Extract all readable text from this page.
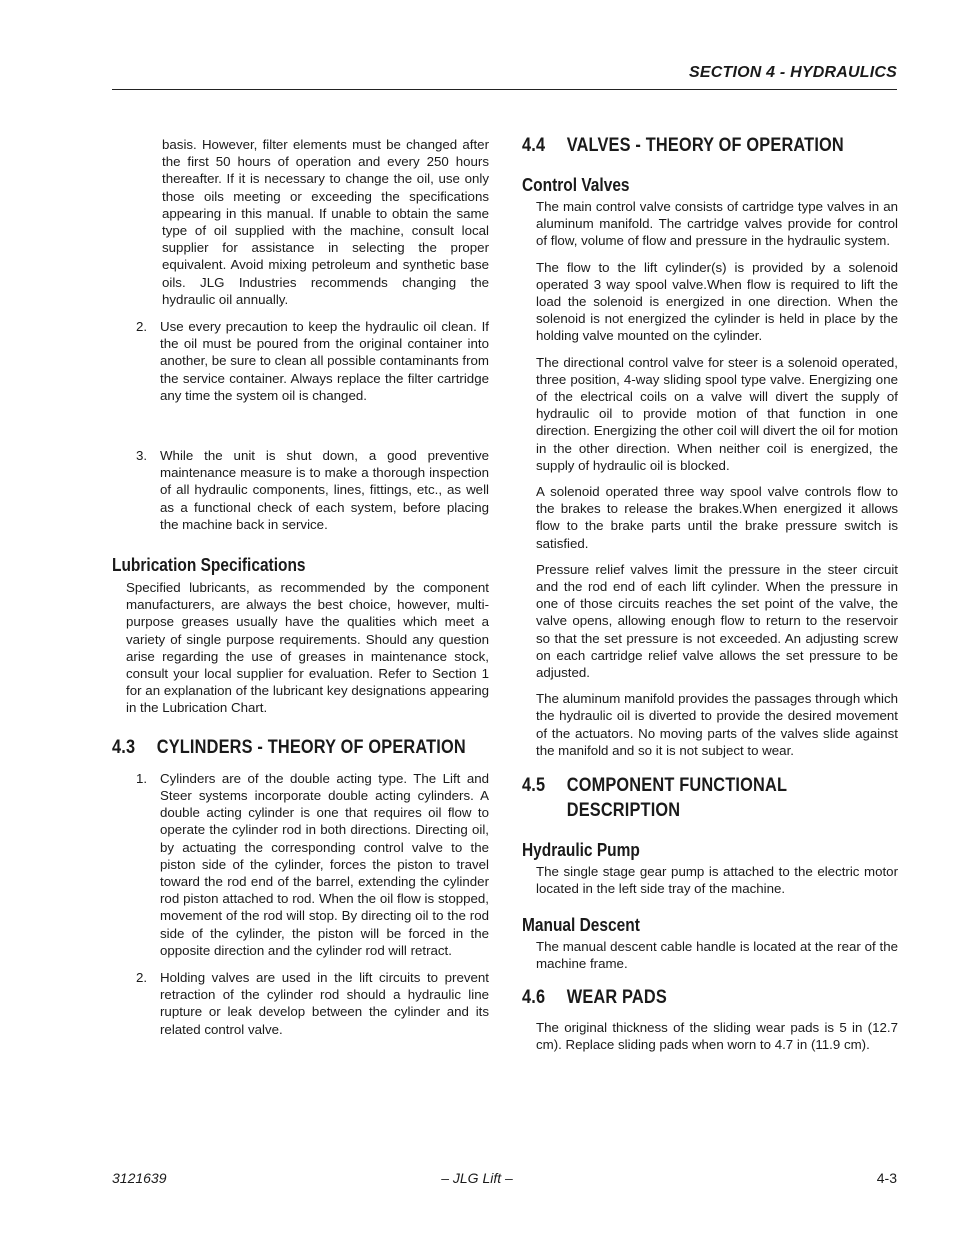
SECTION 4 - HYDRAULICS

basis. However, filter elements must be changed after the first 50 hours of operation and every 250 hours thereafter. If it is necessary to change the oil, use only those oils meeting or exceeding the specifications appearing in this manual. If unable to obtain the same type of oil supplied with the machine, consult local supplier for assistance in selecting the proper equivalent. Avoid mixing petroleum and synthetic base oils. JLG Industries recommends changing the hydraulic oil annually.

2. Use every precaution to keep the hydraulic oil clean. If the oil must be poured from the original container into another, be sure to clean all possible contaminants from the service container. Always replace the filter cartridge any time the system oil is changed.
3. While the unit is shut down, a good preventive maintenance measure is to make a thorough inspection of all hydraulic components, lines, fittings, etc., as well as a functional check of each system, before placing the machine back in service.
Lubrication Specifications

Specified lubricants, as recommended by the component manufacturers, are always the best choice, however, multi-purpose greases usually have the qualities which meet a variety of single purpose requirements. Should any question arise regarding the use of greases in maintenance stock, consult your local supplier for evaluation. Refer to Section 1 for an explanation of the lubricant key designations appearing in the Lubrication Chart.

4.3 CYLINDERS - THEORY OF OPERATION
1. Cylinders are of the double acting type. The Lift and Steer systems incorporate double acting cylinders. A double acting cylinder is one that requires oil flow to operate the cylinder rod in both directions. Directing oil, by actuating the corresponding control valve to the piston side of the cylinder, forces the piston to travel toward the rod end of the barrel, extending the cylinder rod piston attached to rod. When the oil flow is stopped, movement of the rod will stop. By directing oil to the rod side of the cylinder, the piston will be forced in the opposite direction and the cylinder rod will retract.
2. Holding valves are used in the lift circuits to prevent retraction of the cylinder rod should a hydraulic line rupture or leak develop between the cylinder and its related control valve.
4.4 VALVES - THEORY OF OPERATION
Control Valves

The main control valve consists of cartridge type valves in an aluminum manifold. The cartridge valves provide for control of flow, volume of flow and pressure in the hydraulic system.

The flow to the lift cylinder(s) is provided by a solenoid operated 3 way spool valve.When flow is required to lift the load the solenoid is energized in one direction. When the solenoid is not energized the cylinder is held in place by the holding valve mounted on the cylinder.

The directional control valve for steer is a solenoid operated, three position, 4-way sliding spool type valve. Energizing one of the electrical coils on a valve will divert the supply of hydraulic oil to provide motion of that function in one direction. Energizing the other coil will divert the oil for motion in the other direction. When neither coil is energized, the supply of hydraulic oil is blocked.

A solenoid operated three way spool valve controls flow to the brakes to release the brakes.When energized it allows flow to the brake parts until the brake pressure switch is satisfied.

Pressure relief valves limit the pressure in the steer circuit and the rod end of each lift cylinder. When the pressure in one of those circuits reaches the set point of the valve, the valve opens, allowing enough flow to return to the reservoir so that the set pressure is not exceeded. An adjusting screw on each cartridge relief valve allows the set pressure to be adjusted.

The aluminum manifold provides the passages through which the hydraulic oil is diverted to provide the desired movement of the actuators. No moving parts of the valves slide against the manifold and so it is not subject to wear.

4.5 COMPONENT FUNCTIONAL
DESCRIPTION
Hydraulic Pump

The single stage gear pump is attached to the electric motor located in the left side tray of the machine.

Manual Descent

The manual descent cable handle is located at the rear of the machine frame.

4.6 WEAR PADS

The original thickness of the sliding wear pads is 5 in (12.7 cm). Replace sliding pads when worn to 4.7 in (11.9 cm).

3121639	– JLG Lift –	4-3
